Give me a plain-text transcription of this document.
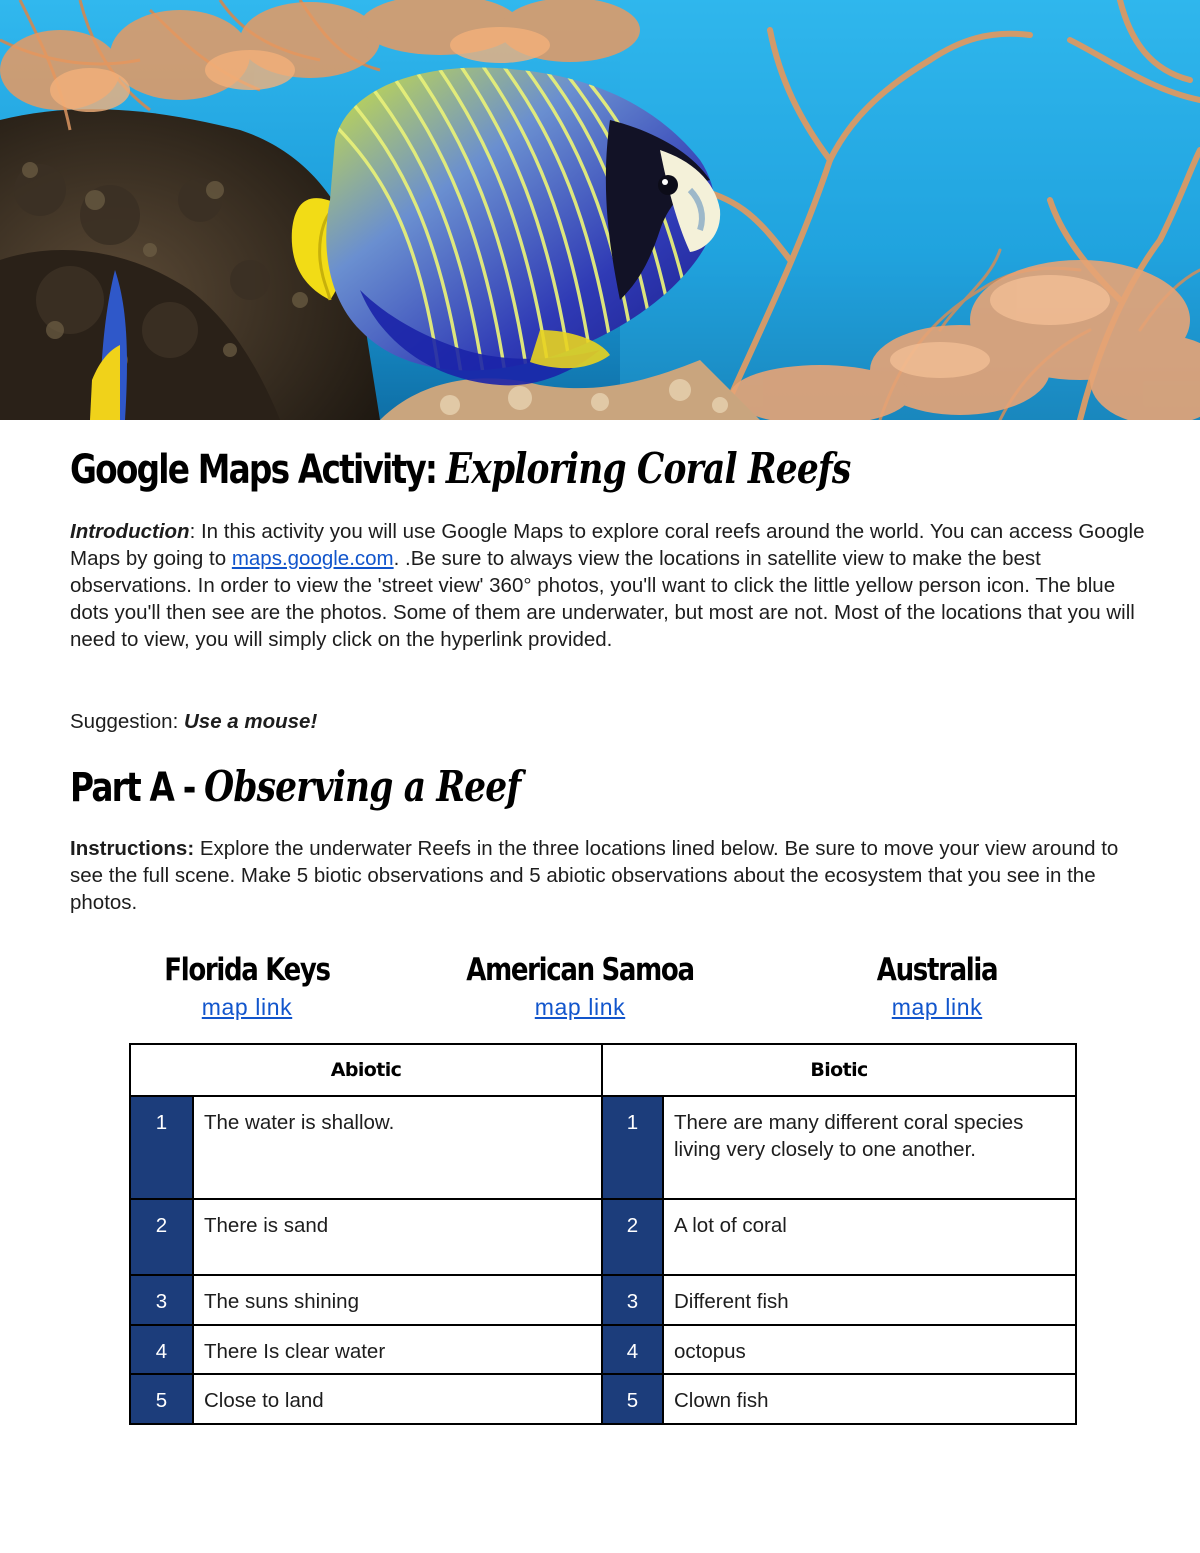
Google Maps Activity: Exploring Coral Reefs

Introduction: In this activity you will use Google Maps to explore coral reefs around the world. You can access Google Maps by going to maps.google.com. .Be sure to always view the locations in satellite view to make the best observations. In order to view the 'street view' 360° photos, you'll want to click the little yellow person icon. The blue dots you'll then see are the photos. Some of them are underwater, but most are not. Most of the locations that you will need to view, you will simply click on the hyperlink provided.

Suggestion: Use a mouse!

Part A - Observing a Reef

Instructions: Explore the underwater Reefs in the three locations lined below. Be sure to move your view around to see the full scene. Make 5 biotic observations and 5 abiotic observations about the ecosystem that you see in the photos.

Florida Keys
map link
American Samoa
map link
Australia
map link
Abiotic		Biotic	
1	The water is shallow.	1	There are many different coral species living very closely to one another.
2	There is sand	2	A lot of coral
3	The suns shining	3	Different fish
4	There Is clear water	4	octopus
5	Close to land	5	Clown fish
